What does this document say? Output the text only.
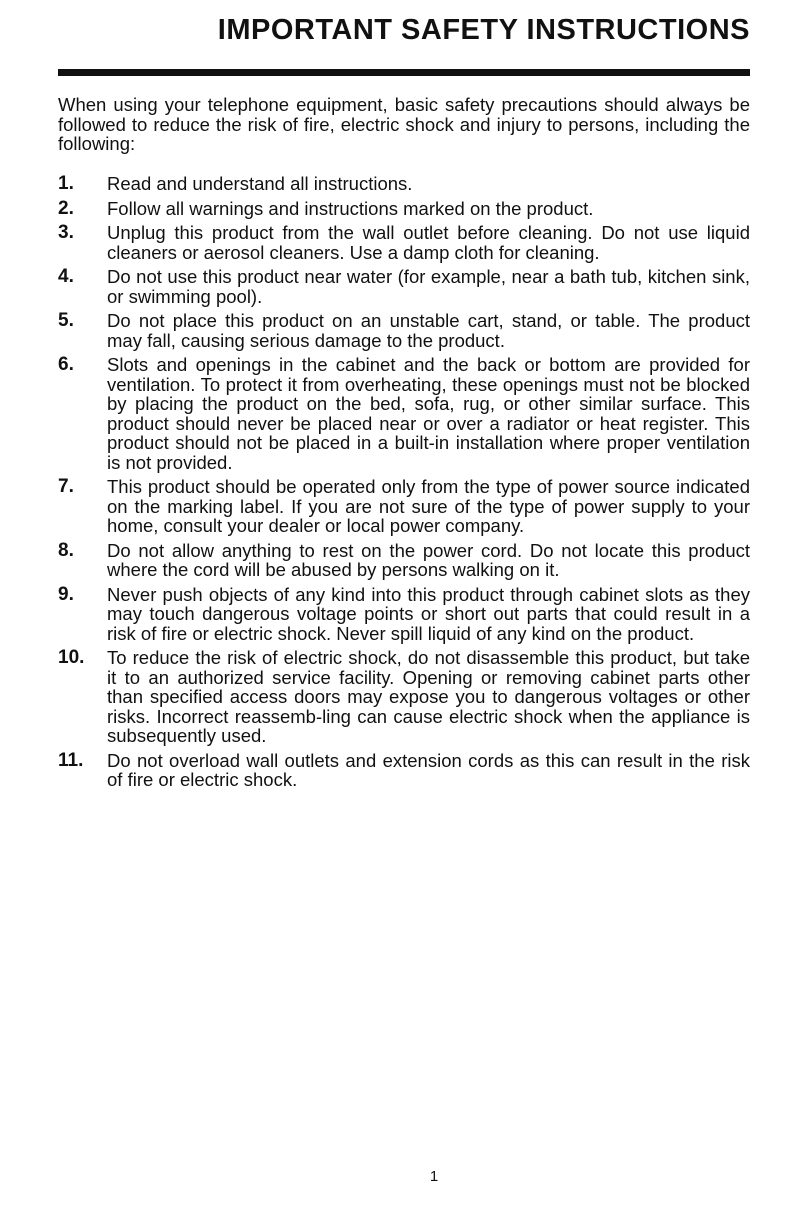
IMPORTANT SAFETY INSTRUCTIONS

When using your telephone equipment, basic safety precautions should always be followed to reduce the risk of fire, electric shock and injury to persons, including the following:

1.	Read and understand all instructions.
2.	Follow all warnings and instructions marked on the product.
3.	Unplug this product from the wall outlet before cleaning. Do not use liquid cleaners or aerosol cleaners. Use a damp cloth for cleaning.
4.	Do not use this product near water (for example, near a bath tub, kitchen sink, or swimming pool).
5.	Do not place this product on an unstable cart, stand, or table. The product may fall, causing serious damage to the product.
6.	Slots and openings in the cabinet and the back or bottom are provided for ventilation. To protect it from overheating, these openings must not be blocked by placing the product on the bed, sofa, rug, or other similar surface. This product should never be placed near or over a radiator or heat register. This product should not be placed in a built-in installation where proper ventilation is not provided.
7.	This product should be operated only from the type of power source indicated on the marking label. If you are not sure of the type of power supply to your home, consult your dealer or local power company.
8.	Do not allow anything to rest on the power cord. Do not locate this product where the cord will be abused by persons walking on it.
9.	Never push objects of any kind into this product through cabinet slots as they may touch dangerous voltage points or short out parts that could result in a risk of fire or electric shock. Never spill liquid of any kind on the product.
10.	To reduce the risk of electric shock, do not disassemble this product, but take it to an authorized service facility. Opening or removing cabinet parts other than specified access doors may expose you to dangerous voltages or other risks. Incorrect reassemb-ling can cause electric shock when the appliance is subsequently used.
11.	Do not overload wall outlets and extension cords as this can result in the risk of fire or electric shock.
1
